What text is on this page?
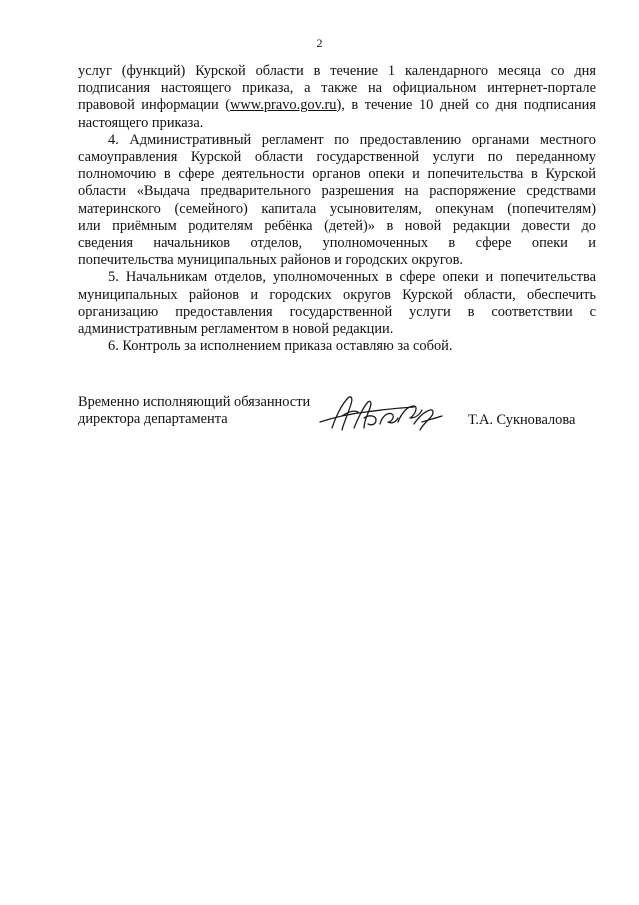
2

услуг (функций) Курской области в течение 1 календарного месяца со дня

подписания настоящего приказа, а также на официальном интернет-портале

правовой информации (www.pravo.gov.ru), в течение 10 дней со дня подписания

настоящего приказа.

4. Административный регламент по предоставлению органами местного

самоуправления Курской области государственной услуги по переданному

полномочию в сфере деятельности органов опеки и попечительства в Курской

области «Выдача предварительного разрешения на распоряжение средствами

материнского (семейного) капитала усыновителям, опекунам (попечителям)

или приёмным родителям ребёнка (детей)» в новой редакции довести до

сведения начальников отделов, уполномоченных в сфере опеки и

попечительства муниципальных районов и городских округов.

5. Начальникам отделов, уполномоченных в сфере опеки и попечительства

муниципальных районов и городских округов Курской области, обеспечить

организацию предоставления государственной услуги в соответствии с

административным регламентом в новой редакции.

6. Контроль за исполнением приказа оставляю за собой.

Временно исполняющий обязанности
директора департамента	Т.А. Сукновалова
